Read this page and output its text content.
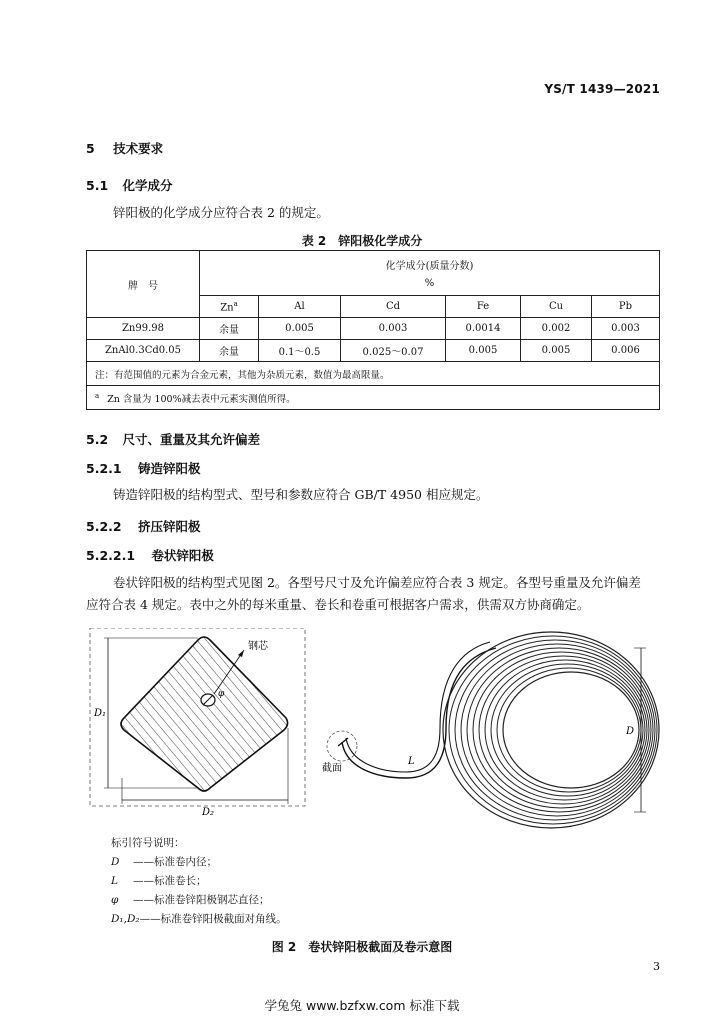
YS/T 1439—2021
5 技术要求
5.1 化学成分
锌阳极的化学成分应符合表 2 的规定。
表 2　锌阳极化学成分
牌　号	化学成分(质量分数)
%					

	Zn$^a$	Al	Cd	Fe	Cu	Pb
Zn99.98	余量	0.005	0.003	0.0014	0.002	0.003
ZnAl0.3Cd0.05	余量	0.1～0.5	0.025～0.07	0.005	0.005	0.006
注：有范围值的元素为合金元素，其他为杂质元素，数值为最高限量。						
$^a$ Zn 含量为 100%减去表中元素实测值所得。						
5.2 尺寸、重量及其允许偏差
5.2.1 铸造锌阳极
铸造锌阳极的结构型式、型号和参数应符合 GB/T 4950 相应规定。
5.2.2 挤压锌阳极
5.2.2.1 卷状锌阳极
卷状锌阳极的结构型式见图 2。各型号尺寸及允许偏差应符合表 3 规定。各型号重量及允许偏差
应符合表 4 规定。表中之外的每米重量、卷长和卷重可根据客户需求，供需双方协商确定。
钢芯
φ
D₁
D₂
截面
L
D
标引符号说明：
D ——标准卷内径；
L ——标准卷长；
φ ——标准卷锌阳极钢芯直径；
D₁,D₂——标准卷锌阳极截面对角线。
图 2　卷状锌阳极截面及卷示意图
3
学兔兔 www.bzfxw.com 标准下载
